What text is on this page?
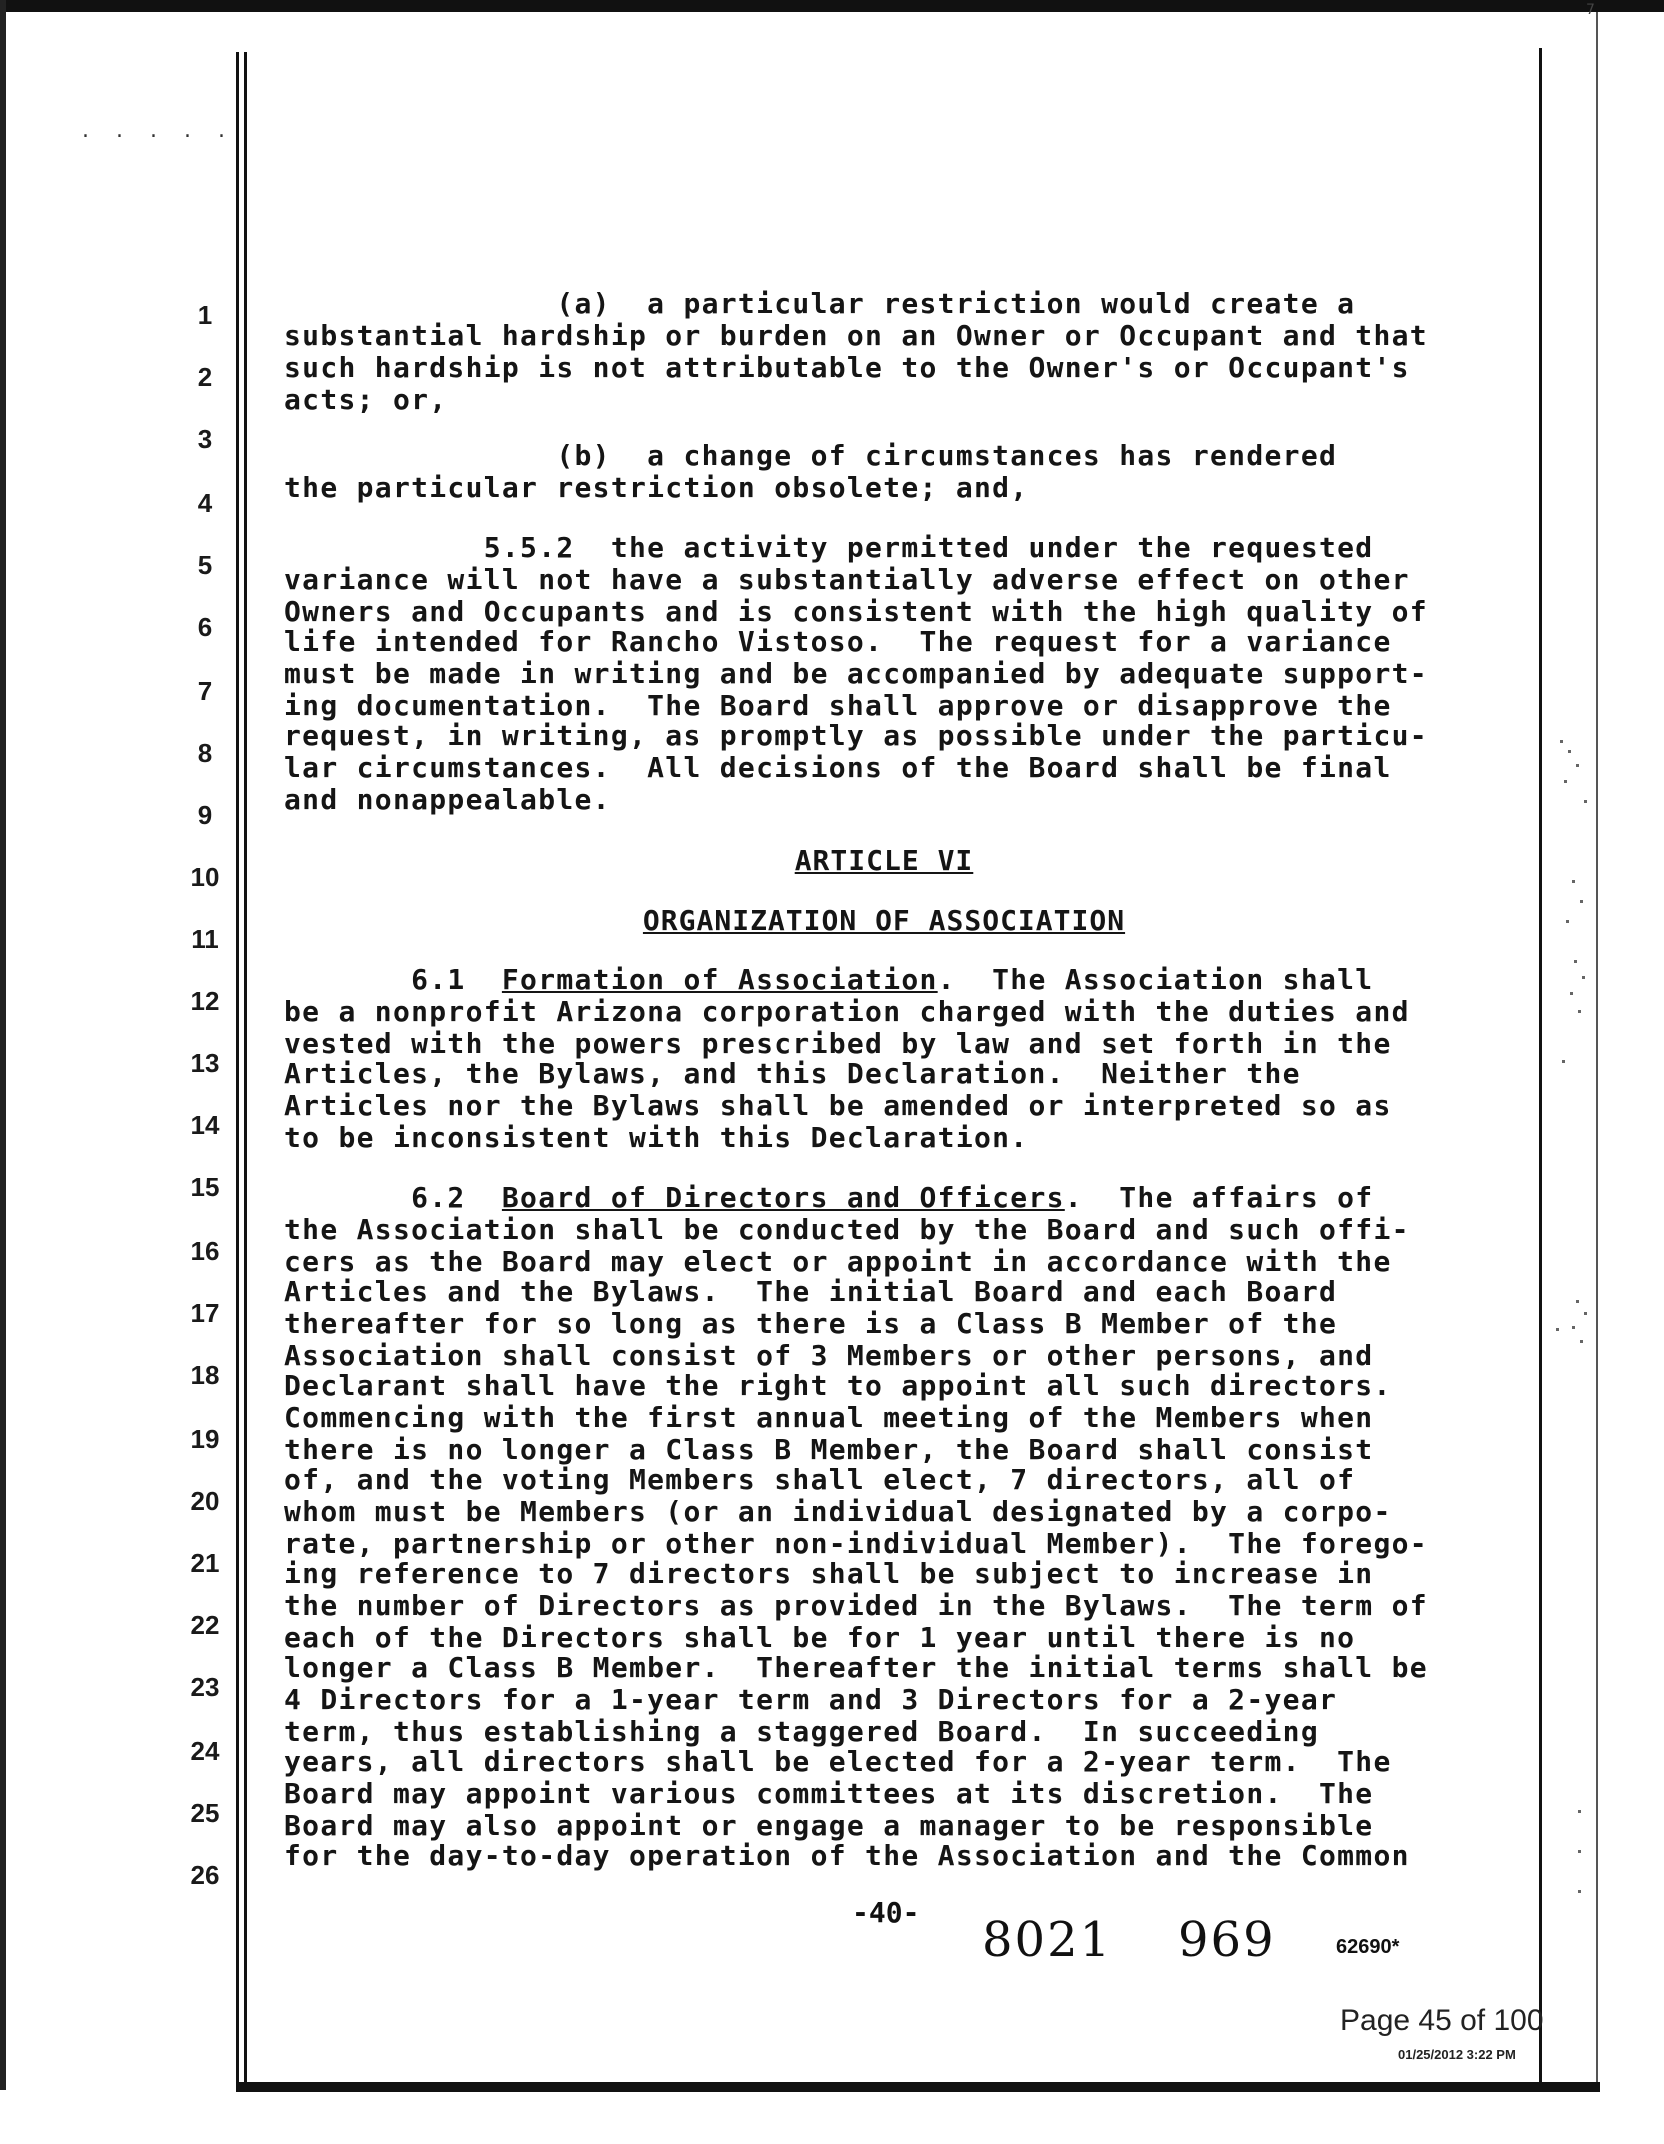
7
. . . . .
1
2
3
4
5
6
7
8
9
10
11
12
13
14
15
16
17
18
19
20
21
22
23
24
25
26
(a)  a particular restriction would create a
substantial hardship or burden on an Owner or Occupant and that
such hardship is not attributable to the Owner's or Occupant's
acts; or,
(b)  a change of circumstances has rendered
the particular restriction obsolete; and,
5.5.2  the activity permitted under the requested
variance will not have a substantially adverse effect on other
Owners and Occupants and is consistent with the high quality of
life intended for Rancho Vistoso.  The request for a variance
must be made in writing and be accompanied by adequate support-
ing documentation.  The Board shall approve or disapprove the
request, in writing, as promptly as possible under the particu-
lar circumstances.  All decisions of the Board shall be final
and nonappealable.
ARTICLE VI
ORGANIZATION OF ASSOCIATION
6.1  Formation of Association.  The Association shall
be a nonprofit Arizona corporation charged with the duties and
vested with the powers prescribed by law and set forth in the
Articles, the Bylaws, and this Declaration.  Neither the
Articles nor the Bylaws shall be amended or interpreted so as
to be inconsistent with this Declaration.
6.2  Board of Directors and Officers.  The affairs of
the Association shall be conducted by the Board and such offi-
cers as the Board may elect or appoint in accordance with the
Articles and the Bylaws.  The initial Board and each Board
thereafter for so long as there is a Class B Member of the
Association shall consist of 3 Members or other persons, and
Declarant shall have the right to appoint all such directors.
Commencing with the first annual meeting of the Members when
there is no longer a Class B Member, the Board shall consist
of, and the voting Members shall elect, 7 directors, all of
whom must be Members (or an individual designated by a corpo-
rate, partnership or other non-individual Member).  The forego-
ing reference to 7 directors shall be subject to increase in
the number of Directors as provided in the Bylaws.  The term of
each of the Directors shall be for 1 year until there is no
longer a Class B Member.  Thereafter the initial terms shall be
4 Directors for a 1-year term and 3 Directors for a 2-year
term, thus establishing a staggered Board.  In succeeding
years, all directors shall be elected for a 2-year term.  The
Board may appoint various committees at its discretion.  The
Board may also appoint or engage a manager to be responsible
for the day-to-day operation of the Association and the Common
-40- 8021 969	62690*
Page 45 of 100
01/25/2012 3:22 PM
